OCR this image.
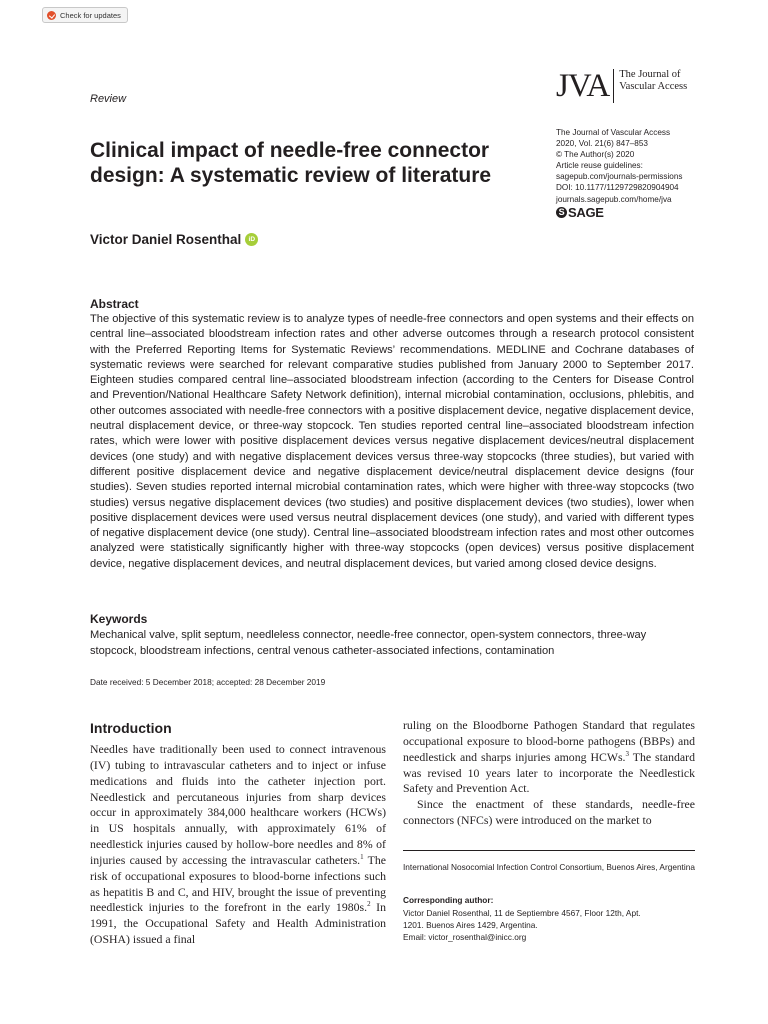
Check for updates
Review	JVA The Journal of
Vascular Access
The Journal of Vascular Access
2020, Vol. 21(6) 847–853
© The Author(s) 2020
Article reuse guidelines:
sagepub.com/journals-permissions
DOI: 10.1177/1129729820904904
journals.sagepub.com/home/jva
S SAGE
Clinical impact of needle-free connector
design: A systematic review of literature
Victor Daniel Rosenthal	iD
Abstract
The objective of this systematic review is to analyze types of needle-free connectors and open systems and their effects on central line–associated bloodstream infection rates and other adverse outcomes through a research protocol consistent with the Preferred Reporting Items for Systematic Reviews’ recommendations. MEDLINE and Cochrane databases of systematic reviews were searched for relevant comparative studies published from January 2000 to September 2017. Eighteen studies compared central line–associated bloodstream infection (according to the Centers for Disease Control and Prevention/National Healthcare Safety Network definition), internal microbial contamination, occlusions, phlebitis, and other outcomes associated with needle-free connectors with a positive displacement device, negative displacement device, neutral displacement device, or three-way stopcock. Ten studies reported central line–associated bloodstream infection rates, which were lower with positive displacement devices versus negative displacement devices/neutral displacement devices (one study) and with negative displacement devices versus three-way stopcocks (three studies), but varied with different positive displacement device and negative displacement device/neutral displacement device designs (four studies). Seven studies reported internal microbial contamination rates, which were higher with three-way stopcocks (two studies) versus negative displacement devices (two studies) and positive displacement devices (two studies), lower when positive displacement devices were used versus neutral displacement devices (one study), and varied with different types of negative displacement device (one study). Central line–associated bloodstream infection rates and most other outcomes analyzed were statistically significantly higher with three-way stopcocks (open devices) versus positive displacement device, negative displacement devices, and neutral displacement devices, but varied among closed device designs.
Keywords
Mechanical valve, split septum, needleless connector, needle-free connector, open-system connectors, three-way stopcock, bloodstream infections, central venous catheter-associated infections, contamination
Date received: 5 December 2018; accepted: 28 December 2019
Introduction
Needles have traditionally been used to connect intravenous (IV) tubing to intravascular catheters and to inject or infuse medications and fluids into the catheter injection port. Needlestick and percutaneous injuries from sharp devices occur in approximately 384,000 healthcare workers (HCWs) in US hospitals annually, with approximately 61% of needlestick injuries caused by hollow-bore needles and 8% of injuries caused by accessing the intravascular catheters.$^1$ The risk of occupational exposures to blood-borne infections such as hepatitis B and C, and HIV, brought the issue of preventing needlestick injuries to the forefront in the early 1980s.$^2$ In 1991, the Occupational Safety and Health Administration (OSHA) issued a final

ruling on the Bloodborne Pathogen Standard that regulates occupational exposure to blood-borne pathogens (BBPs) and needlestick and sharps injuries among HCWs.$^3$ The standard was revised 10 years later to incorporate the Needlestick Safety and Prevention Act.

Since the enactment of these standards, needle-free connectors (NFCs) were introduced on the market to

International Nosocomial Infection Control Consortium, Buenos Aires, Argentina
Corresponding author:
Victor Daniel Rosenthal, 11 de Septiembre 4567, Floor 12th, Apt.
1201. Buenos Aires 1429, Argentina.
Email: victor_rosenthal@inicc.org
